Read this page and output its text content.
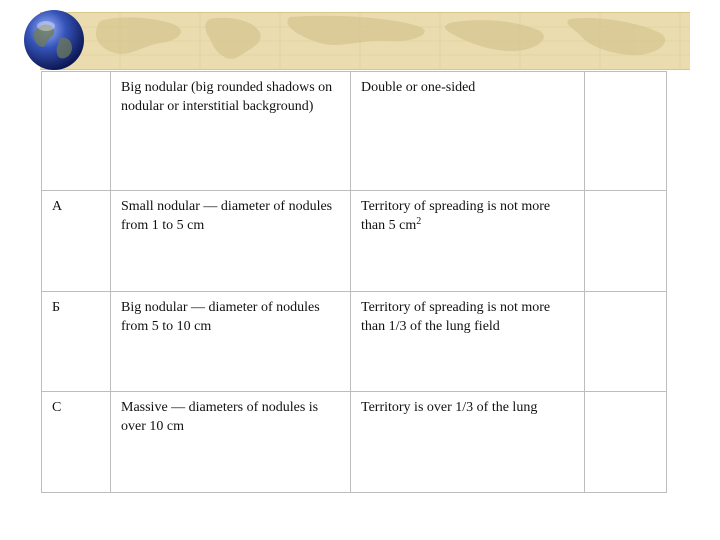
	Big nodular (big rounded shadows on nodular or interstitial background)	Double or one-sided	
A	Small nodular — diameter of nodules from 1 to 5 cm	Territory of spreading is not more than 5 $cm^2$	
Б	Big nodular — diameter of nodules from 5 to 10 cm	Territory of spreading is not more than 1/3 of the lung field	
C	Massive — diameters of nodules is over 10 cm	Territory is over 1/3 of the lung	
